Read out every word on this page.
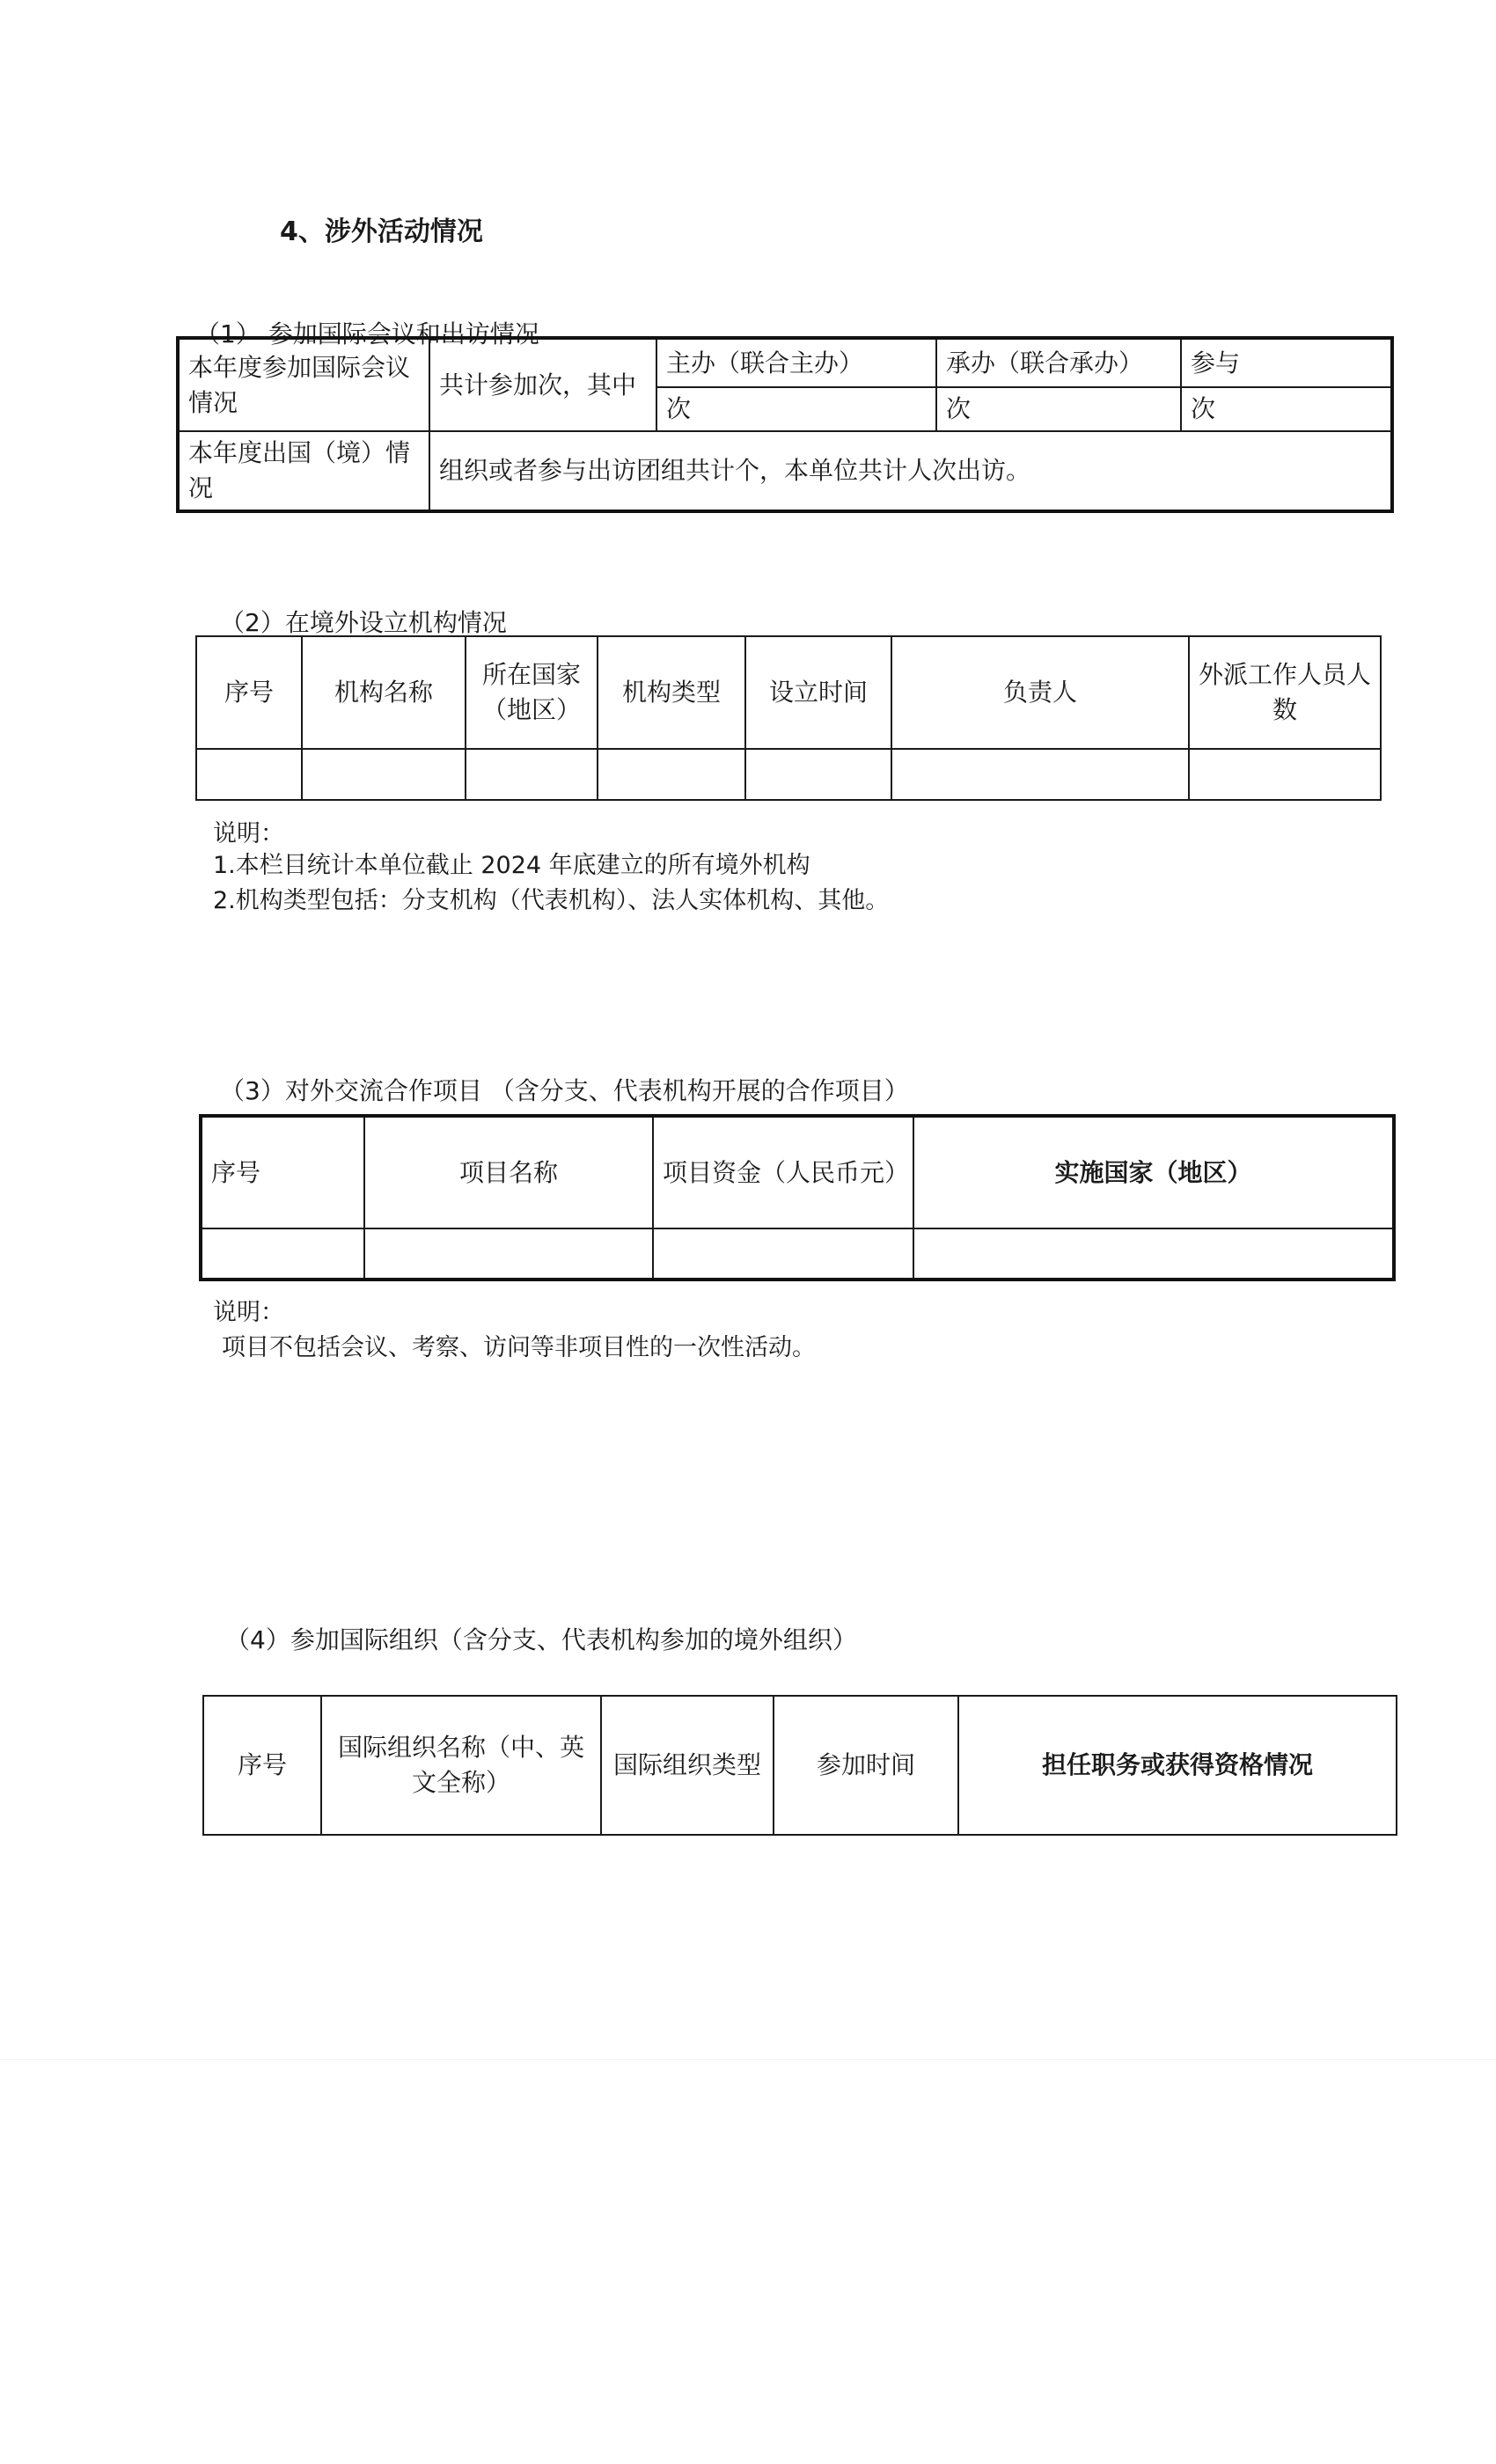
4、涉外活动情况
（1） 参加国际会议和出访情况
本年度参加国际会议情况	共计参加次，其中	主办（联合主办）	承办（联合承办）	参与
		次	次	次
本年度出国（境）情况	组织或者参与出访团组共计个，本单位共计人次出访。			
（2）在境外设立机构情况
序号	机构名称	所在国家（地区）	机构类型	设立时间	负责人	外派工作人员人数

说明：
1.本栏目统计本单位截止 2024 年底建立的所有境外机构
2.机构类型包括：分支机构（代表机构）、法人实体机构、其他。
（3）对外交流合作项目 （含分支、代表机构开展的合作项目）
序号	项目名称	项目资金（人民币元）	实施国家（地区）

说明：
项目不包括会议、考察、访问等非项目性的一次性活动。
（4）参加国际组织（含分支、代表机构参加的境外组织）
序号	国际组织名称（中、英文全称）	国际组织类型	参加时间	担任职务或获得资格情况
